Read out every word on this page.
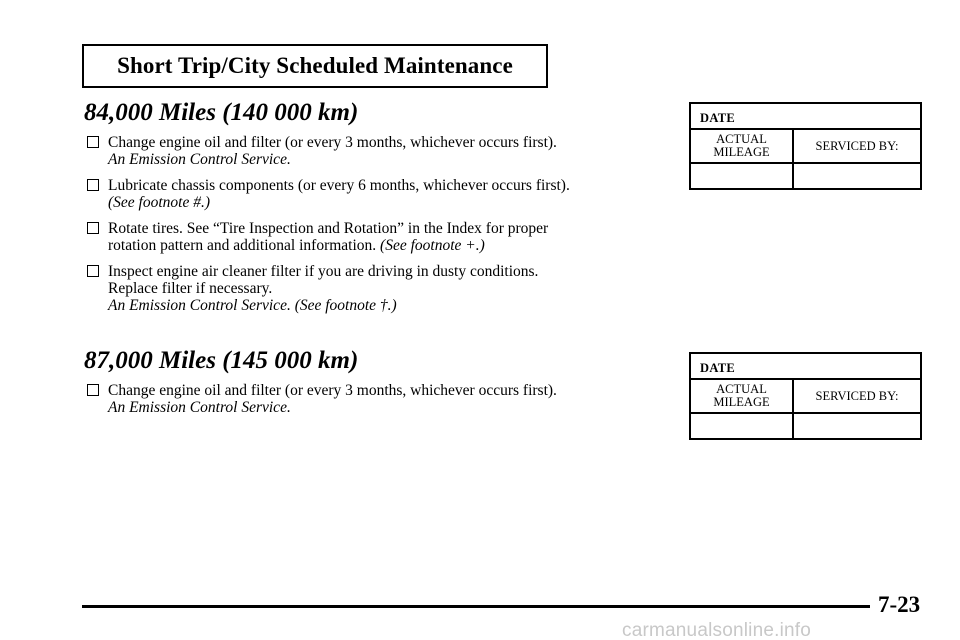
Short Trip/City Scheduled Maintenance
84,000 Miles (140 000 km)
Change engine oil and filter (or every 3 months, whichever occurs first).
An Emission Control Service.
Lubricate chassis components (or every 6 months, whichever occurs first).
(See footnote #.)
Rotate tires. See “Tire Inspection and Rotation” in the Index for proper
rotation pattern and additional information. (See footnote +.)
Inspect engine air cleaner filter if you are driving in dusty conditions.
Replace filter if necessary.
An Emission Control Service. (See footnote †.)
DATE
ACTUAL MILEAGE	SERVICED BY:
87,000 Miles (145 000 km)
Change engine oil and filter (or every 3 months, whichever occurs first).
An Emission Control Service.
DATE
ACTUAL MILEAGE	SERVICED BY:
7-23
carmanualsonline.info
